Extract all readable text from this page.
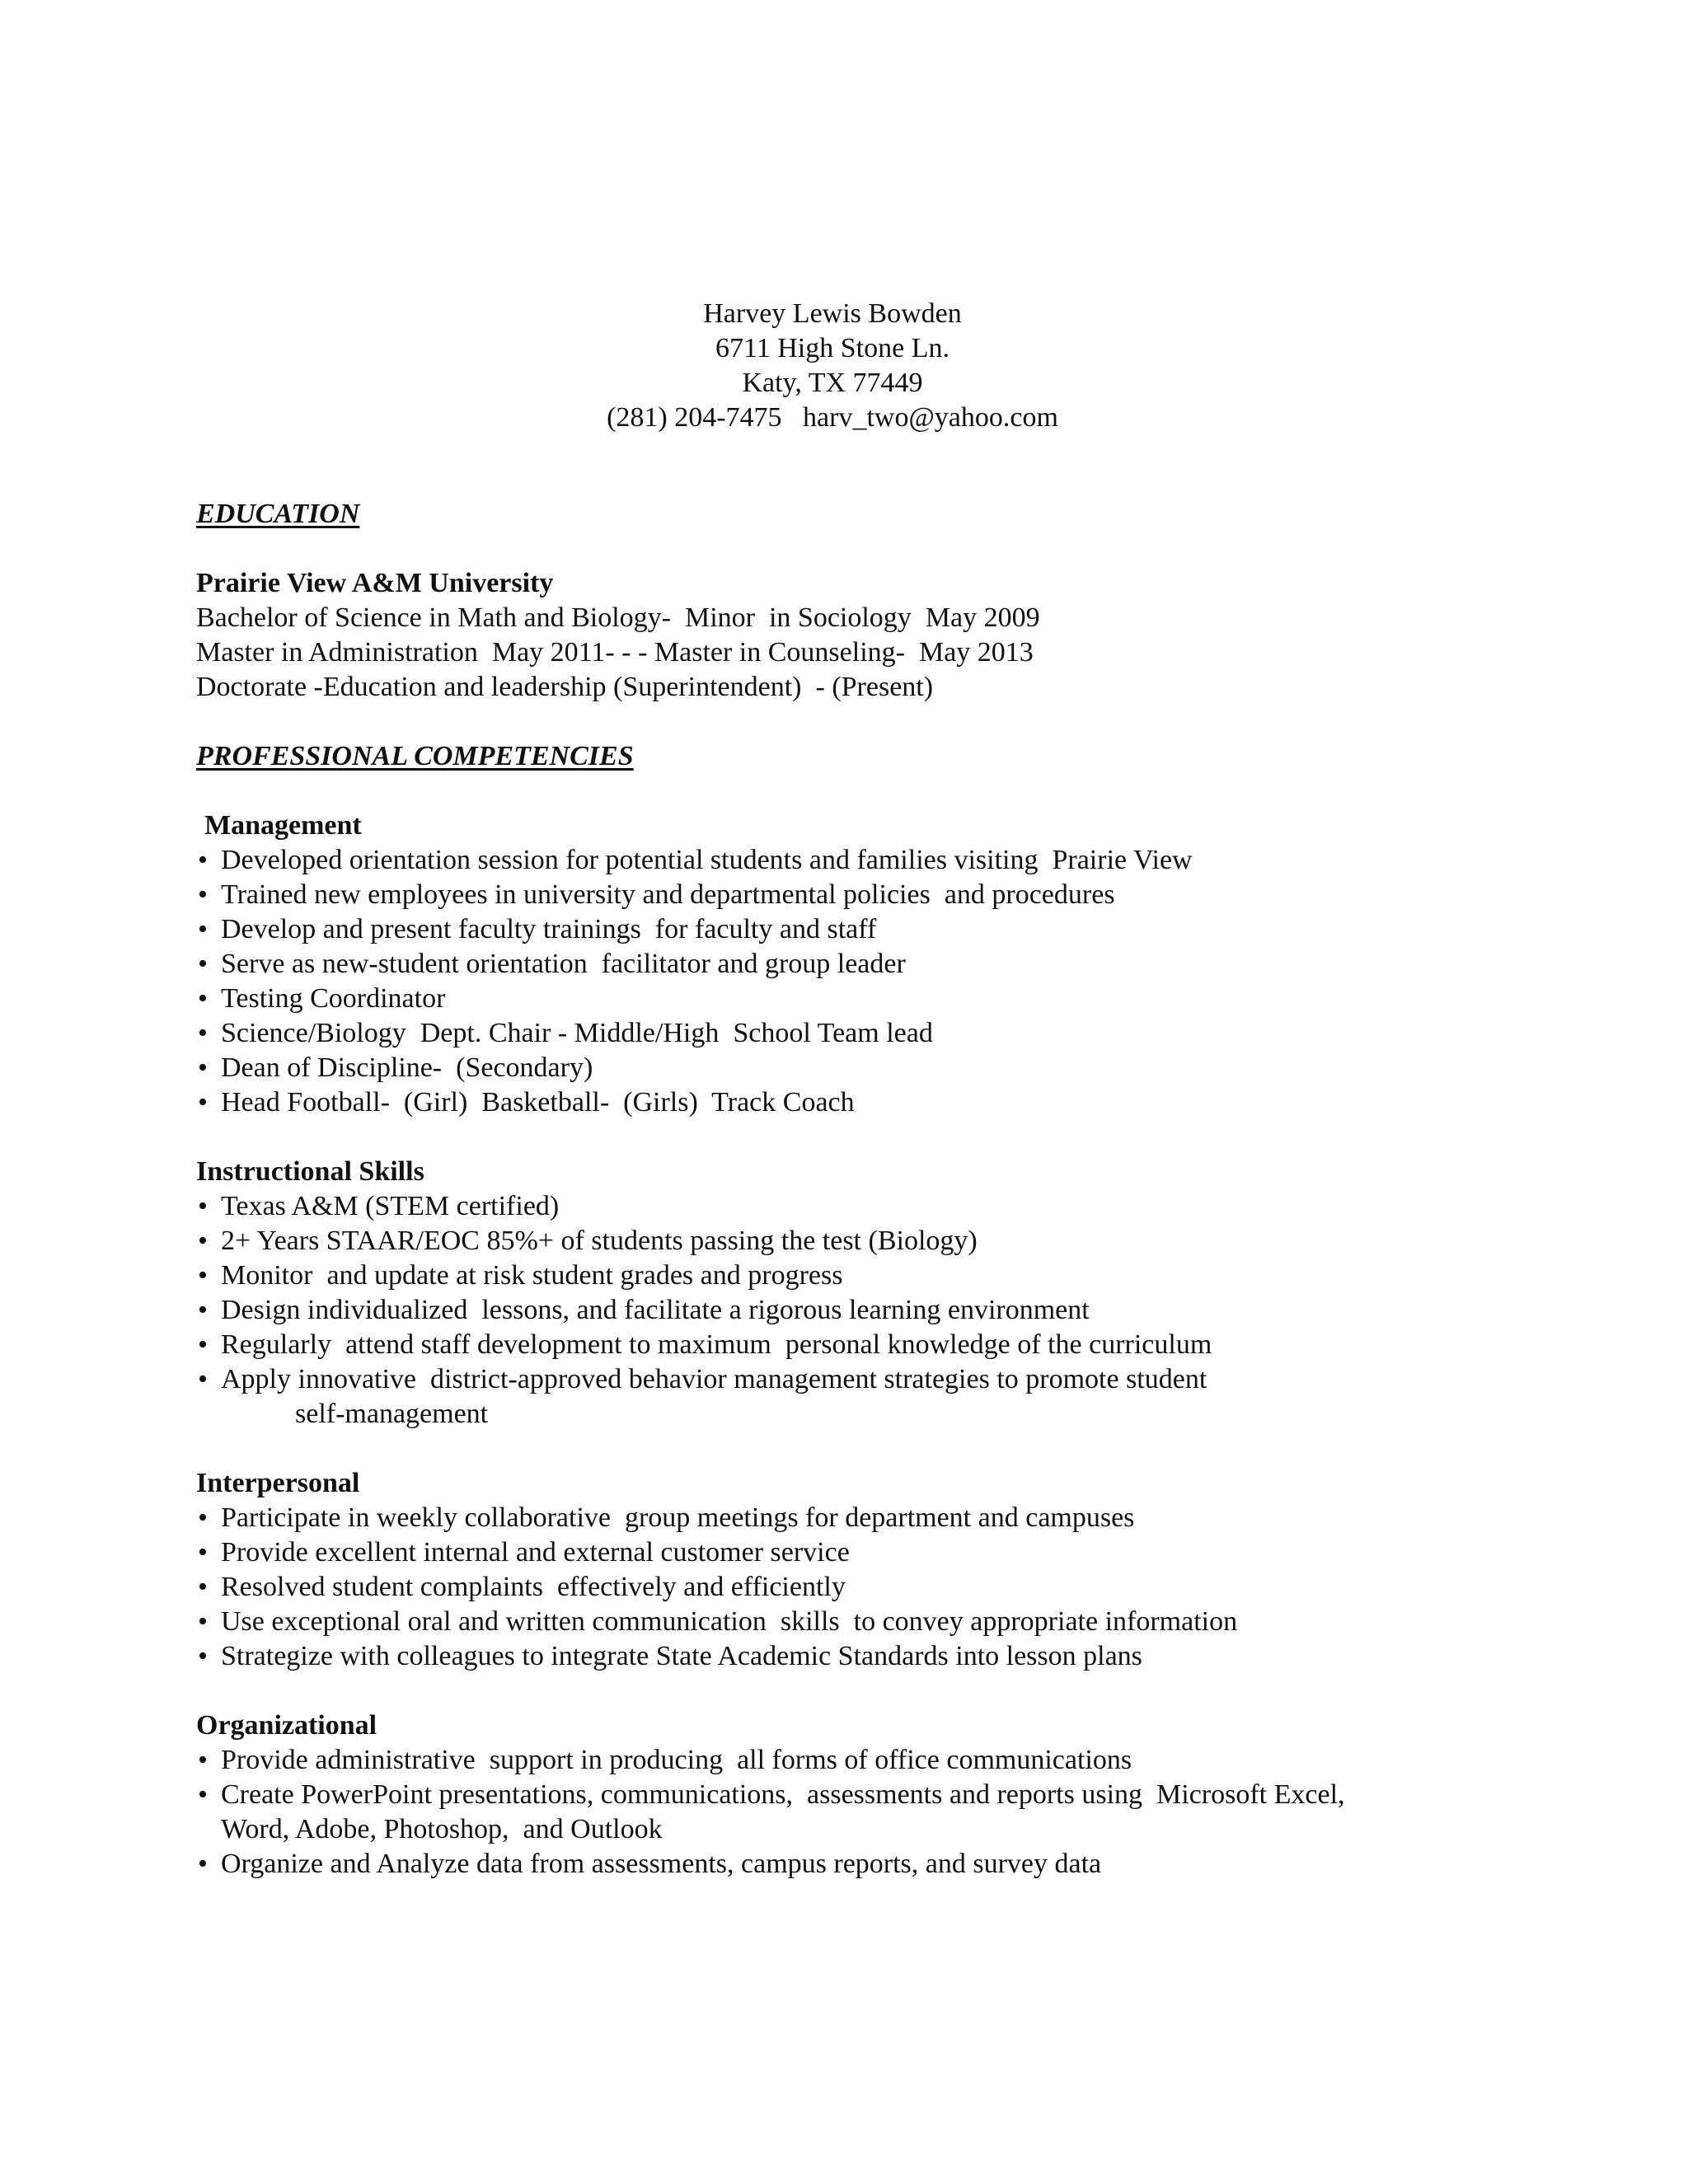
Harvey Lewis Bowden
6711 High Stone Ln.
Katy, TX 77449
(281) 204-7475   harv_two@yahoo.com
EDUCATION
Prairie View A&M University
Bachelor of Science in Math and Biology-  Minor  in Sociology  May 2009
Master in Administration  May 2011- - - Master in Counseling-  May 2013
Doctorate -Education and leadership (Superintendent)  - (Present)
PROFESSIONAL COMPETENCIES
Management
• Developed orientation session for potential students and families visiting  Prairie View
• Trained new employees in university and departmental policies  and procedures
• Develop and present faculty trainings  for faculty and staff
• Serve as new-student orientation  facilitator and group leader
• Testing Coordinator
• Science/Biology  Dept. Chair - Middle/High  School Team lead
• Dean of Discipline-  (Secondary)
• Head Football-  (Girl)  Basketball-  (Girls)  Track Coach
Instructional Skills
• Texas A&M (STEM certified)
• 2+ Years STAAR/EOC 85%+ of students passing the test (Biology)
• Monitor  and update at risk student grades and progress
• Design individualized  lessons, and facilitate a rigorous learning environment
• Regularly  attend staff development to maximum  personal knowledge of the curriculum
• Apply innovative  district-approved behavior management strategies to promote student
self-management
Interpersonal
• Participate in weekly collaborative  group meetings for department and campuses
• Provide excellent internal and external customer service
• Resolved student complaints  effectively and efficiently
• Use exceptional oral and written communication  skills  to convey appropriate information
• Strategize with colleagues to integrate State Academic Standards into lesson plans
Organizational
• Provide administrative  support in producing  all forms of office communications
• Create PowerPoint presentations, communications,  assessments and reports using  Microsoft Excel,
Word, Adobe, Photoshop,  and Outlook
• Organize and Analyze data from assessments, campus reports, and survey data
